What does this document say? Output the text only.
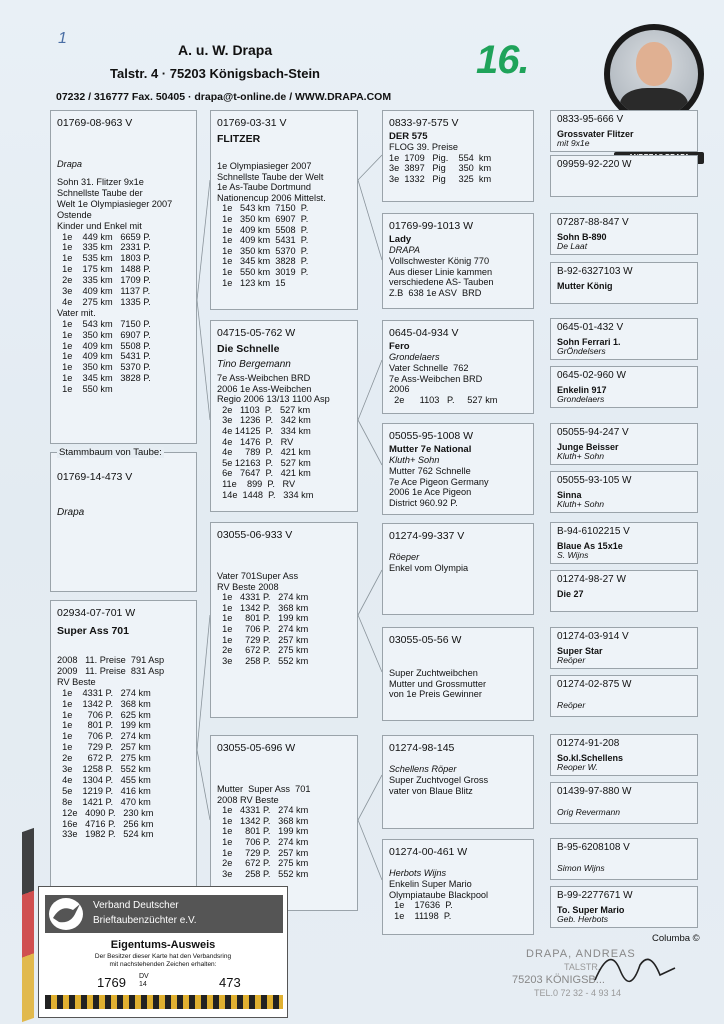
1	16.
A. u. W. Drapa
Talstr. 4 · 75203 Königsbach-Stein
07232 / 316777 Fax. 50405 · drapa@t-online.de / WWW.DRAPA.COM
01769-08-963 V
Drapa
Sohn 31. Flitzer 9x1e
Schnellste Taube der
Welt 1e Olympiasieger 2007
Ostende
Kinder und Enkel mit
1e    449 km   6659 P.
1e    335 km   2331 P.
1e    535 km   1803 P.
1e    175 km   1488 P.
2e    335 km   1709 P.
3e    409 km   1137 P.
4e    275 km   1335 P.
Vater mit.
1e    543 km   7150 P.
1e    350 km   6907 P.
1e    409 km   5508 P.
1e    409 km   5431 P.
1e    350 km   5370 P.
1e    345 km   3828 P.
1e    550 km
Stammbaum von Taube:
01769-14-473 V
Drapa
02934-07-701 W
Super Ass 701
2008   11. Preise  791 Asp
2009   11. Preise  831 Asp
RV Beste
1e    4331 P.   274 km
1e    1342 P.   368 km
1e      706 P.   625 km
1e      801 P.   199 km
1e      706 P.   274 km
1e      729 P.   257 km
2e      672 P.   275 km
3e    1258 P.   552 km
4e    1304 P.   455 km
5e    1219 P.   416 km
8e    1421 P.   470 km
12e   4090 P.   230 km
16e   4716 P.   256 km
33e   1982 P.   524 km
01769-03-31 V
FLITZER
1e Olympiasieger 2007
Schnellste Taube der Welt
1e As-Taube Dortmund
Nationencup 2006 Mittelst.
1e   543 km  7150  P.
1e   350 km  6907  P.
1e   409 km  5508  P.
1e   409 km  5431  P.
1e   350 km  5370  P.
1e   345 km  3828  P.
1e   550 km  3019  P.
1e   123 km  15
04715-05-762 W
Die Schnelle
Tino Bergemann
7e Ass-Weibchen BRD
2006 1e Ass-Weibchen
Regio 2006 13/13 1100 Asp
2e   1103  P.   527 km
3e   1236  P.   342 km
4e 14125  P.   334 km
4e   1476  P.   RV
4e     789  P.   421 km
5e 12163  P.   527 km
6e   7647  P.   421 km
11e    899  P.   RV
14e  1448  P.   334 km
03055-06-933 V
Vater 701Super Ass
RV Beste 2008
1e   4331 P.   274 km
1e   1342 P.   368 km
1e     801 P.   199 km
1e     706 P.   274 km
1e     729 P.   257 km
2e     672 P.   275 km
3e     258 P.   552 km
03055-05-696 W
Mutter  Super Ass  701
2008 RV Beste
1e   4331 P.   274 km
1e   1342 P.   368 km
1e     801 P.   199 km
1e     706 P.   274 km
1e     729 P.   257 km
2e     672 P.   275 km
3e     258 P.   552 km
0833-97-575 V
DER 575
FLOG 39. Preise
1e  1709   Pig.    554  km
3e  3897   Pig     350  km
3e  1332   Pig     325  km
01769-99-1013 W
Lady
DRAPA
Vollschwester König 770
Aus dieser Linie kammen
verschiedene AS- Tauben
Z.B  638 1e ASV  BRD
0645-04-934 V
Fero
Grondelaers
Vater Schnelle  762
7e Ass-Weibchen BRD
2006
2e      1103   P.     527 km
05055-95-1008 W
Mutter 7e National
Kluth+ Sohn
Mutter 762 Schnelle
7e Ace Pigeon Germany
2006 1e Ace Pigeon
District 960.92 P.
01274-99-337 V
Röeper
Enkel vom Olympia
03055-05-56 W
Super Zuchtweibchen
Mutter und Grossmutter
von 1e Preis Gewinner
01274-98-145
Schellens Röper
Super Zuchtvogel Gross
vater von Blaue Blitz
01274-00-461 W
Herbots Wijns
Enkelin Super Mario
Olympiataube Blackpool
1e    17636  P.
1e    11198  P.
0833-95-666 V
Grossvater Flitzer
mit 9x1e
09959-92-220 W
07287-88-847 V
Sohn B-890
De Laat
B-92-6327103 W
Mutter König
0645-01-432 V
Sohn Ferrari 1.
GrÖndelsers
0645-02-960 W
Enkelin 917
Grondelaers
05055-94-247 V
Junge Beisser
Kluth+ Sohn
05055-93-105 W
Sinna
Kluth+ Sohn
B-94-6102215 V
Blaue As 15x1e
S. Wijns
01274-98-27 W
Die 27
01274-03-914 V
Super Star
Reöper
01274-02-875 W
Reöper
01274-91-208
So.kl.Schellens
Reoper W.
01439-97-880 W
Orig Revermann
B-95-6208108 V
Simon Wijns
B-99-2277671 W
To. Super Mario
Geb. Herbots
Verband Deutscher
Brieftaubenzüchter e.V.
Eigentums-Ausweis
Der Besitzer dieser Karte hat den Verbandsring
mit nachstehenden Zeichen erhalten:
1769 DV
14	473
DRAPA, ANDREAS
TALSTR.
75203 KÖNIGSB...
TEL.0 72 32 - 4 93 14
Columba ©
